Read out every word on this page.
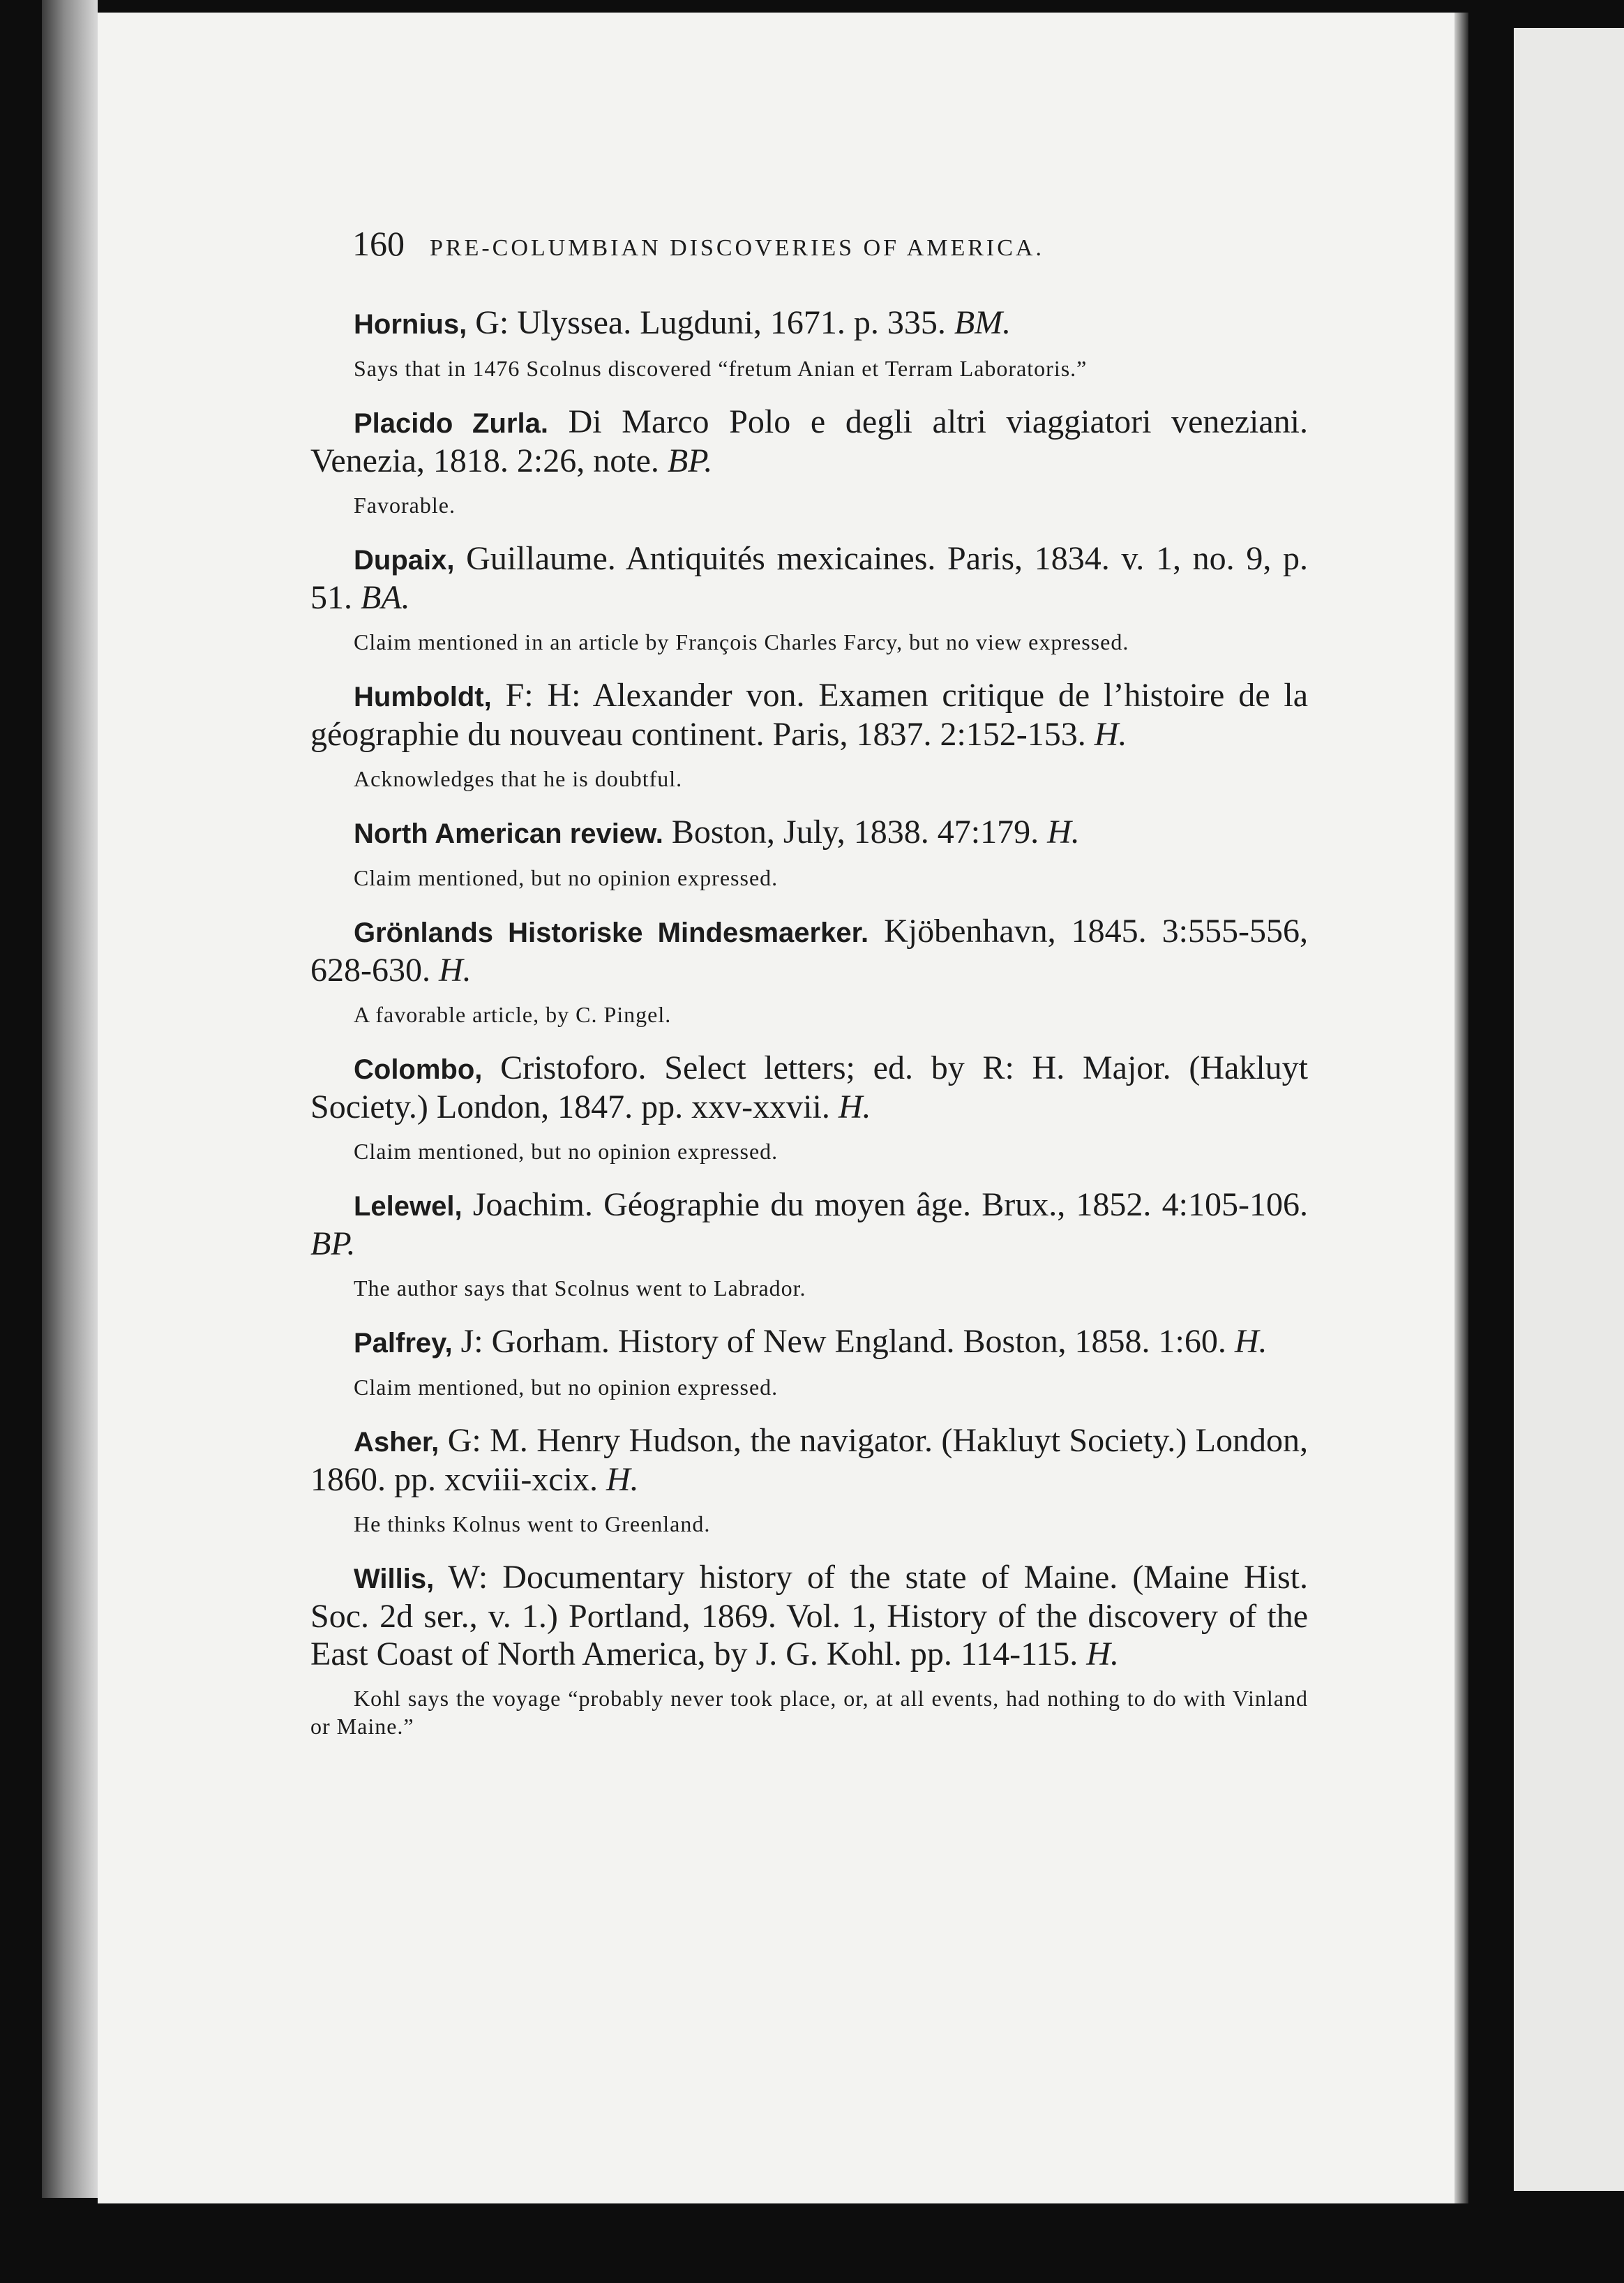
160 PRE-COLUMBIAN DISCOVERIES OF AMERICA.

Hornius, G: Ulyssea. Lugduni, 1671. p. 335. BM.

Says that in 1476 Scolnus discovered “fretum Anian et Terram Laboratoris.”

Placido Zurla. Di Marco Polo e degli altri viaggiatori veneziani. Venezia, 1818. 2:26, note. BP.

Favorable.

Dupaix, Guillaume. Antiquités mexicaines. Paris, 1834. v. 1, no. 9, p. 51. BA.

Claim mentioned in an article by François Charles Farcy, but no view expressed.

Humboldt, F: H: Alexander von. Examen critique de l’histoire de la géographie du nouveau continent. Paris, 1837. 2:152-153. H.

Acknowledges that he is doubtful.

North American review. Boston, July, 1838. 47:179. H.

Claim mentioned, but no opinion expressed.

Grönlands Historiske Mindesmaerker. Kjöbenhavn, 1845. 3:555-556, 628-630. H.

A favorable article, by C. Pingel.

Colombo, Cristoforo. Select letters; ed. by R: H. Major. (Hakluyt Society.) London, 1847. pp. xxv-xxvii. H.

Claim mentioned, but no opinion expressed.

Lelewel, Joachim. Géographie du moyen âge. Brux., 1852. 4:105-106. BP.

The author says that Scolnus went to Labrador.

Palfrey, J: Gorham. History of New England. Boston, 1858. 1:60. H.

Claim mentioned, but no opinion expressed.

Asher, G: M. Henry Hudson, the navigator. (Hakluyt Society.) London, 1860. pp. xcviii-xcix. H.

He thinks Kolnus went to Greenland.

Willis, W: Documentary history of the state of Maine. (Maine Hist. Soc. 2d ser., v. 1.) Portland, 1869. Vol. 1, History of the discovery of the East Coast of North America, by J. G. Kohl. pp. 114-115. H.

Kohl says the voyage “probably never took place, or, at all events, had nothing to do with Vinland or Maine.”
